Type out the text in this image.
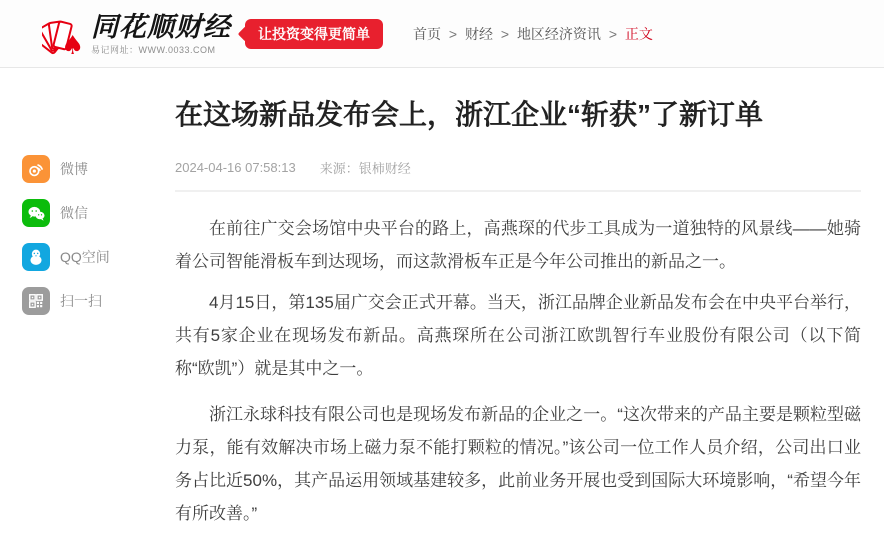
♠
同花顺财经
易记网址：WWW.0033.COM
让投资变得更简单	首页 > 财经 > 地区经济资讯 > 正文
微博
微信
QQ空间
扫一扫
在这场新品发布会上，浙江企业“斩获”了新订单
2024-04-16 07:58:13 来源：银柿财经

在前往广交会场馆中央平台的路上，高燕琛的代步工具成为一道独特的风景线——她骑着公司智能滑板车到达现场，而这款滑板车正是今年公司推出的新品之一。

4月15日，第135届广交会正式开幕。当天，浙江品牌企业新品发布会在中央平台举行，共有5家企业在现场发布新品。高燕琛所在公司浙江欧凯智行车业股份有限公司（以下简称“欧凯”）就是其中之一。

浙江永球科技有限公司也是现场发布新品的企业之一。“这次带来的产品主要是颗粒型磁力泵，能有效解决市场上磁力泵不能打颗粒的情况。”该公司一位工作人员介绍，公司出口业务占比近50%，其产品运用领域基建较多，此前业务开展也受到国际大环境影响，“希望今年有所改善。”
